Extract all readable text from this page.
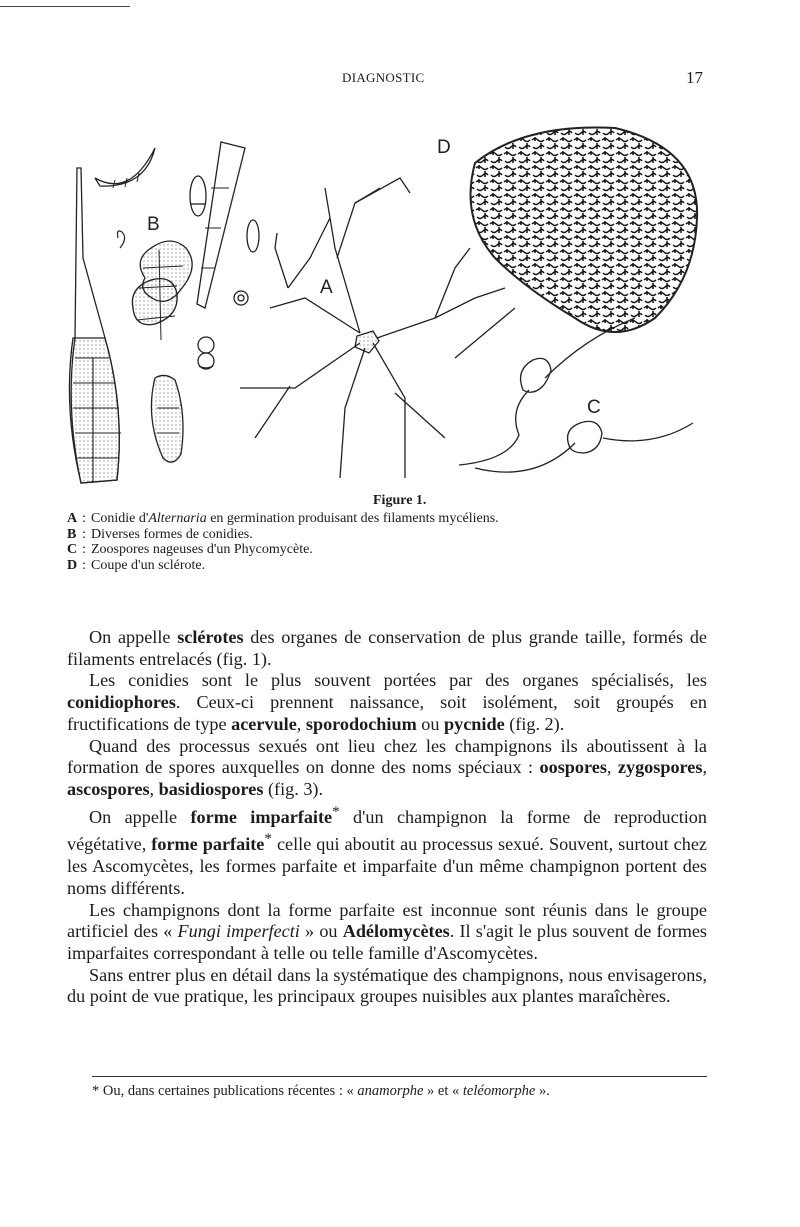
DIAGNOSTIC	17
B
A
D
C
Figure 1.
A : Conidie d'Alternaria en germination produisant des filaments mycéliens.
B : Diverses formes de conidies.
C : Zoospores nageuses d'un Phycomycète.
D : Coupe d'un sclérote.

On appelle sclérotes des organes de conservation de plus grande taille, formés de filaments entrelacés (fig. 1).

Les conidies sont le plus souvent portées par des organes spécialisés, les conidiophores. Ceux-ci prennent naissance, soit isolément, soit groupés en fructifications de type acervule, sporodochium ou pycnide (fig. 2).

Quand des processus sexués ont lieu chez les champignons ils aboutissent à la formation de spores auxquelles on donne des noms spéciaux : oospores, zygospores, ascospores, basidiospores (fig. 3).

On appelle forme imparfaite* d'un champignon la forme de reproduction végétative, forme parfaite* celle qui aboutit au processus sexué. Souvent, surtout chez les Ascomycètes, les formes parfaite et imparfaite d'un même champignon portent des noms différents.

Les champignons dont la forme parfaite est inconnue sont réunis dans le groupe artificiel des « Fungi imperfecti » ou Adélomycètes. Il s'agit le plus souvent de formes imparfaites correspondant à telle ou telle famille d'Ascomycètes.

Sans entrer plus en détail dans la systématique des champignons, nous envisagerons, du point de vue pratique, les principaux groupes nuisibles aux plantes maraîchères.

* Ou, dans certaines publications récentes : « anamorphe » et « teléomorphe ».
